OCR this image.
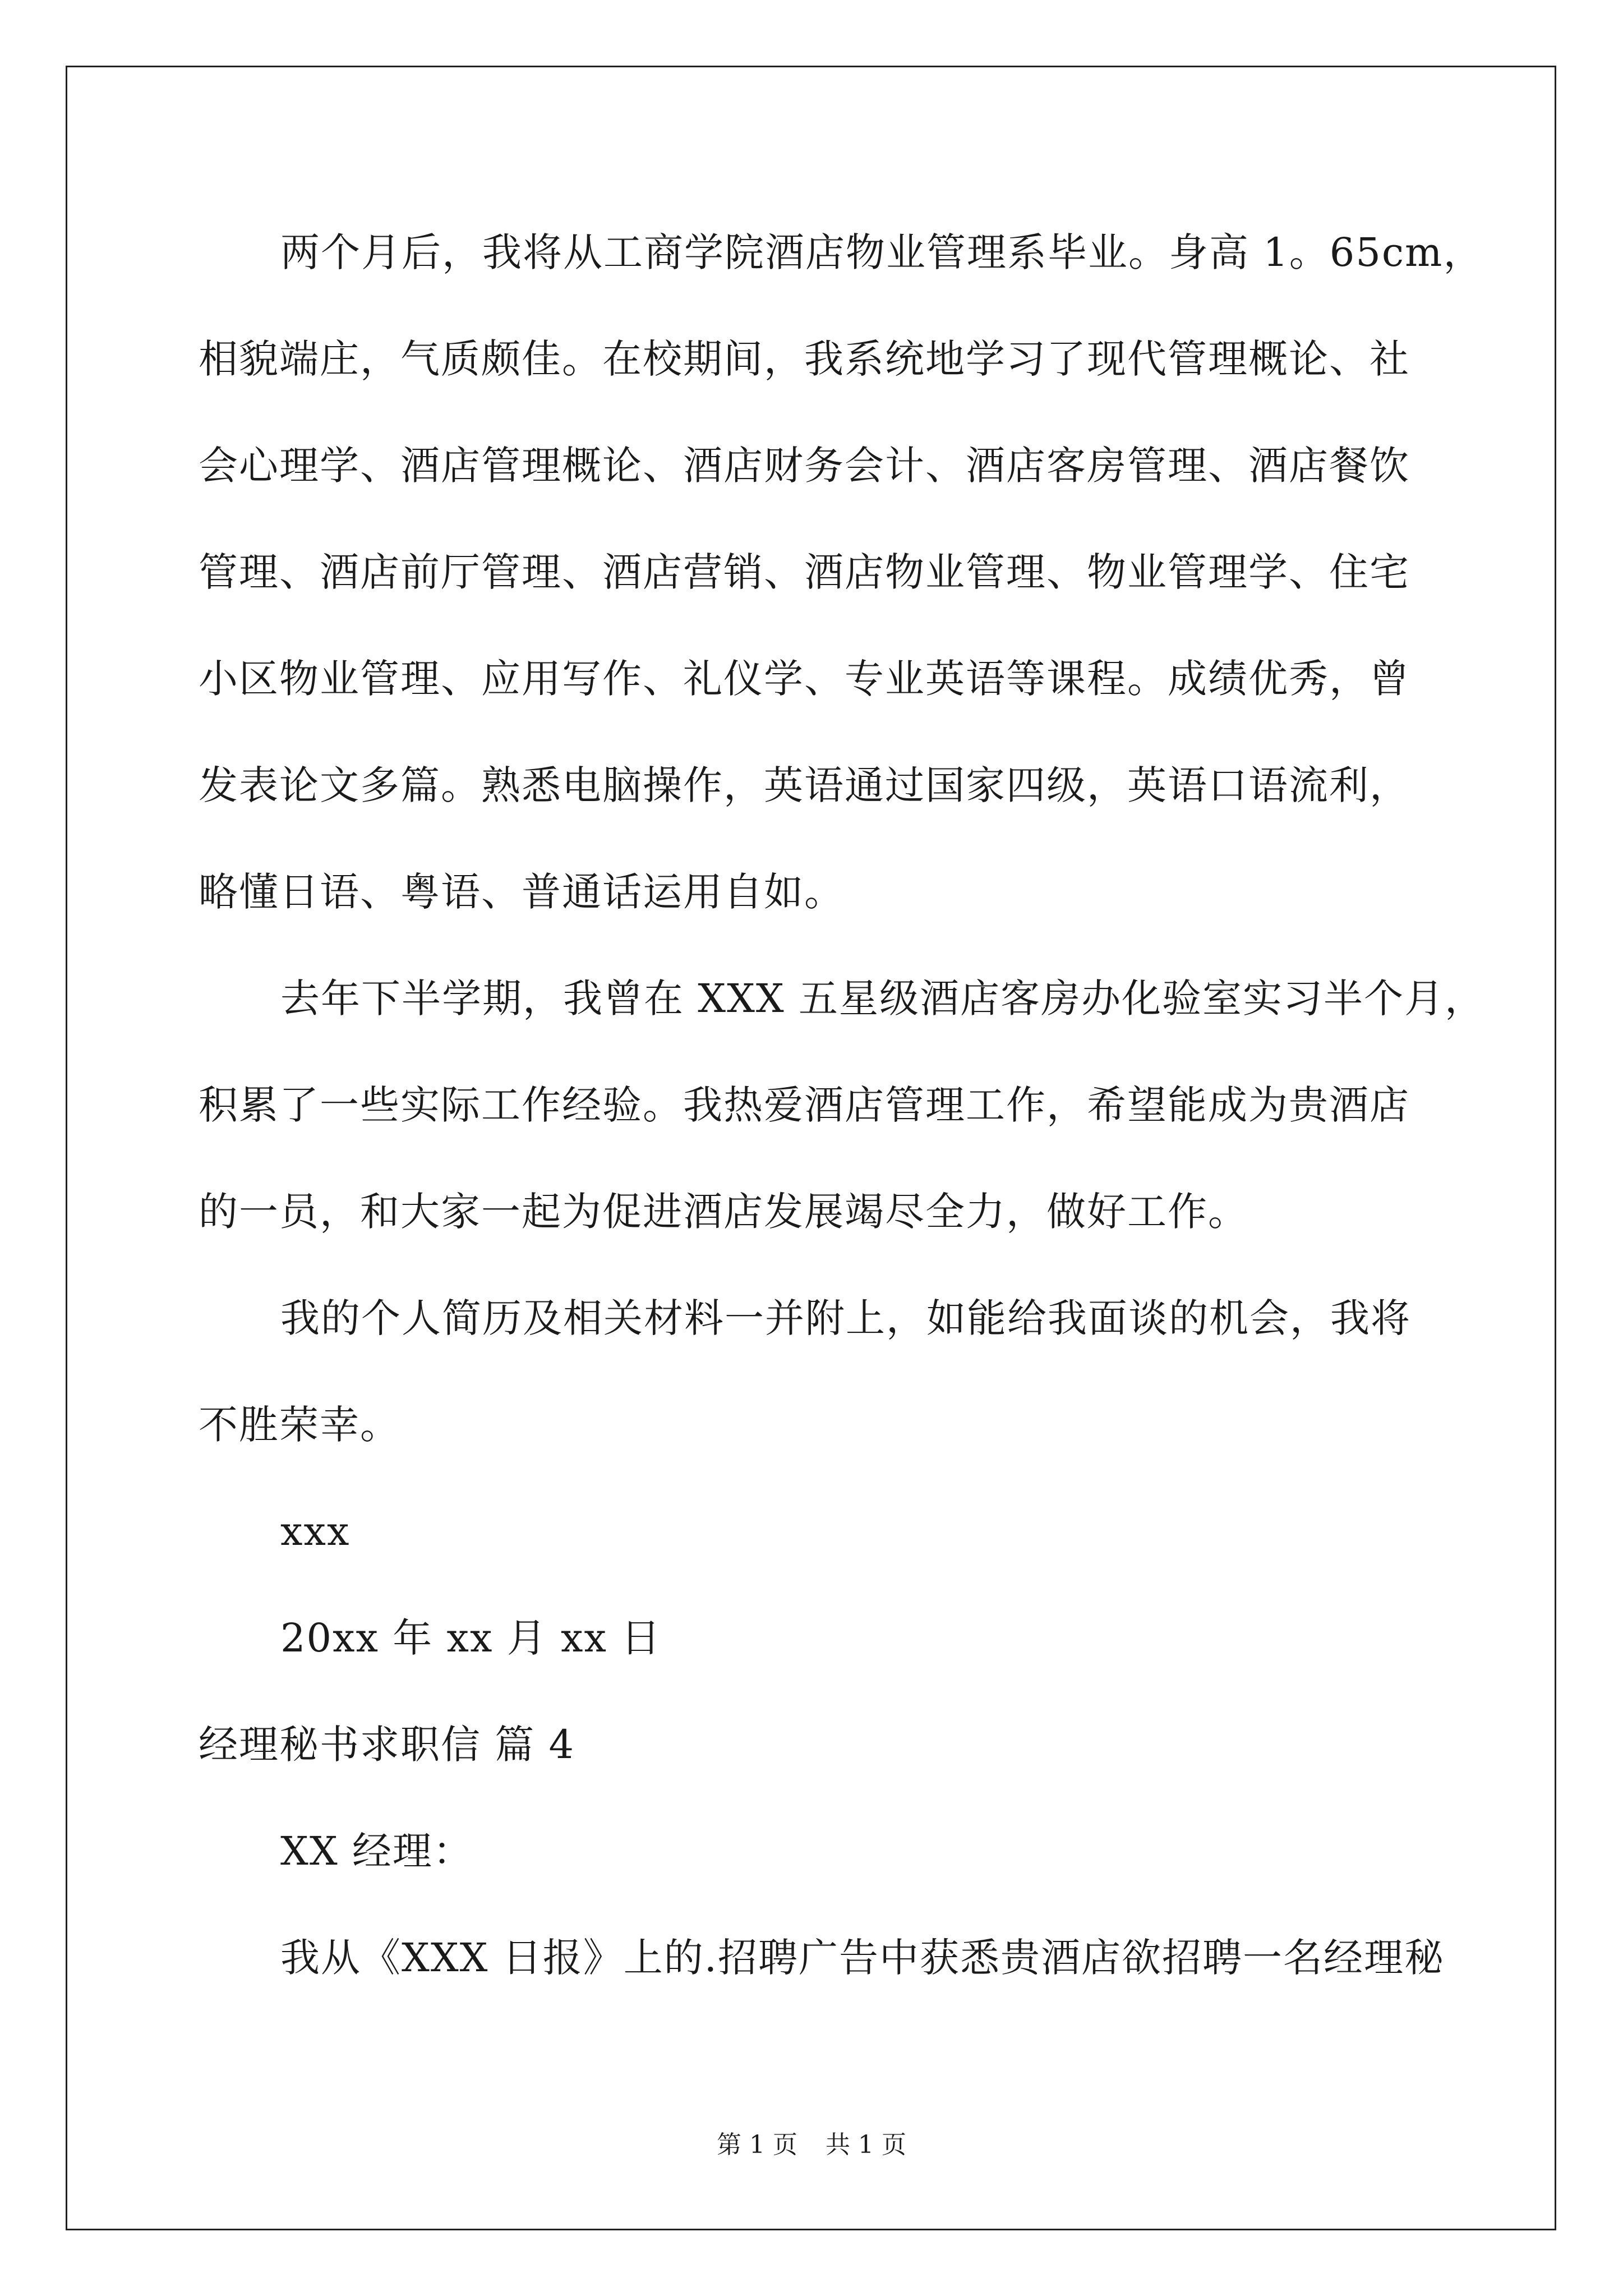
两个月后，我将从工商学院酒店物业管理系毕业。身高 1。65cm，
相貌端庄，气质颇佳。在校期间，我系统地学习了现代管理概论、社
会心理学、酒店管理概论、酒店财务会计、酒店客房管理、酒店餐饮
管理、酒店前厅管理、酒店营销、酒店物业管理、物业管理学、住宅
小区物业管理、应用写作、礼仪学、专业英语等课程。成绩优秀，曾
发表论文多篇。熟悉电脑操作，英语通过国家四级，英语口语流利，
略懂日语、粤语、普通话运用自如。
去年下半学期，我曾在 XXX 五星级酒店客房办化验室实习半个月，
积累了一些实际工作经验。我热爱酒店管理工作，希望能成为贵酒店
的一员，和大家一起为促进酒店发展竭尽全力，做好工作。
我的个人简历及相关材料一并附上，如能给我面谈的机会，我将
不胜荣幸。
xxx
20xx 年 xx 月 xx 日
经理秘书求职信 篇 4
XX 经理：
我从《XXX 日报》上的.招聘广告中获悉贵酒店欲招聘一名经理秘
第 1 页 共 1 页
